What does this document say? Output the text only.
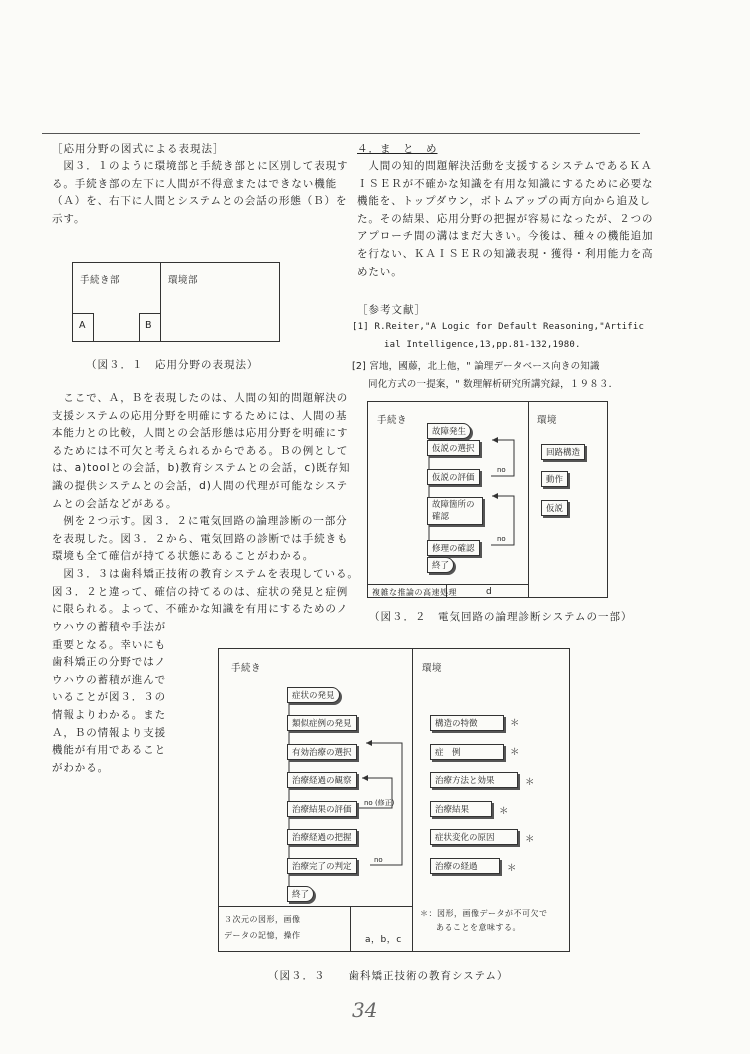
［応用分野の図式による表現法］
　図３．１のように環境部と手続き部とに区別して表現す
る。手続き部の左下に人間が不得意またはできない機能
（Ａ）を、右下に人間とシステムとの会話の形態（Ｂ）を
示す。
手続き部	環境部
A	B
（図３．１　応用分野の表現法）
　ここで、Ａ，Ｂを表現したのは、人間の知的問題解決の
支援システムの応用分野を明確にするためには、人間の基
本能力との比較，人間との会話形態は応用分野を明確にす
るためには不可欠と考えられるからである。Ｂの例として
は、a)toolとの会話，b)教育システムとの会話，c)既存知
識の提供システムとの会話，d)人間の代理が可能なシステ
ムとの会話などがある。
　例を２つ示す。図３．２に電気回路の論理診断の一部分
を表現した。図３．２から、電気回路の診断では手続きも
環境も全て確信が持てる状態にあることがわかる。
　図３．３は歯科矯正技術の教育システムを表現している。
図３．２と違って、確信の持てるのは、症状の発見と症例
に限られる。よって、不確かな知識を有用にするためのノ
ウハウの蓄積や手法が
重要となる。幸いにも
歯科矯正の分野ではノ
ウハウの蓄積が進んで
いることが図３．３の
情報よりわかる。また
Ａ，Ｂの情報より支援
機能が有用であること
がわかる。
４．ま　と　め
　人間の知的問題解決活動を支援するシステムであるＫＡ
ＩＳＥＲが不確かな知識を有用な知識にするために必要な
機能を、トップダウン，ボトムアップの両方向から追及し
た。その結果、応用分野の把握が容易になったが、２つの
アプローチ間の溝はまだ大きい。今後は、種々の機能追加
を行ない、ＫＡＩＳＥＲの知識表現・獲得・利用能力を高
めたい。
［参考文献］
[1] R.Reiter,"A Logic for Default Reasoning,"Artific
ial Intelligence,13,pp.81-132,1980.
[2] 宮地，國藤，北上他，" 論理データベース向きの知識
同化方式の一提案，" 数理解析研究所講究録，１９８３．
手続き	環境
no
no
故障発生
仮説の選択
仮説の評価
故障箇所の確認
修理の確認
終了
回路構造
動作
仮説
複雑な推論の高速処理	d
（図３．２　電気回路の論理診断システムの一部）
手続き	環境
no (修正)
no
症状の発見
類似症例の発見
有効治療の選択
治療経過の観察
治療結果の評価
治療経過の把握
治療完了の判定
終了
構造の特徴	＊
症　例	＊
治療方法と効果	＊
治療結果	＊
症状変化の原因	＊
治療の経過	＊
３次元の図形，画像
データの記憶，操作	a，b，c
＊：図形，画像データが不可欠で
あることを意味する。
（図３．３　　歯科矯正技術の教育システム）
34
